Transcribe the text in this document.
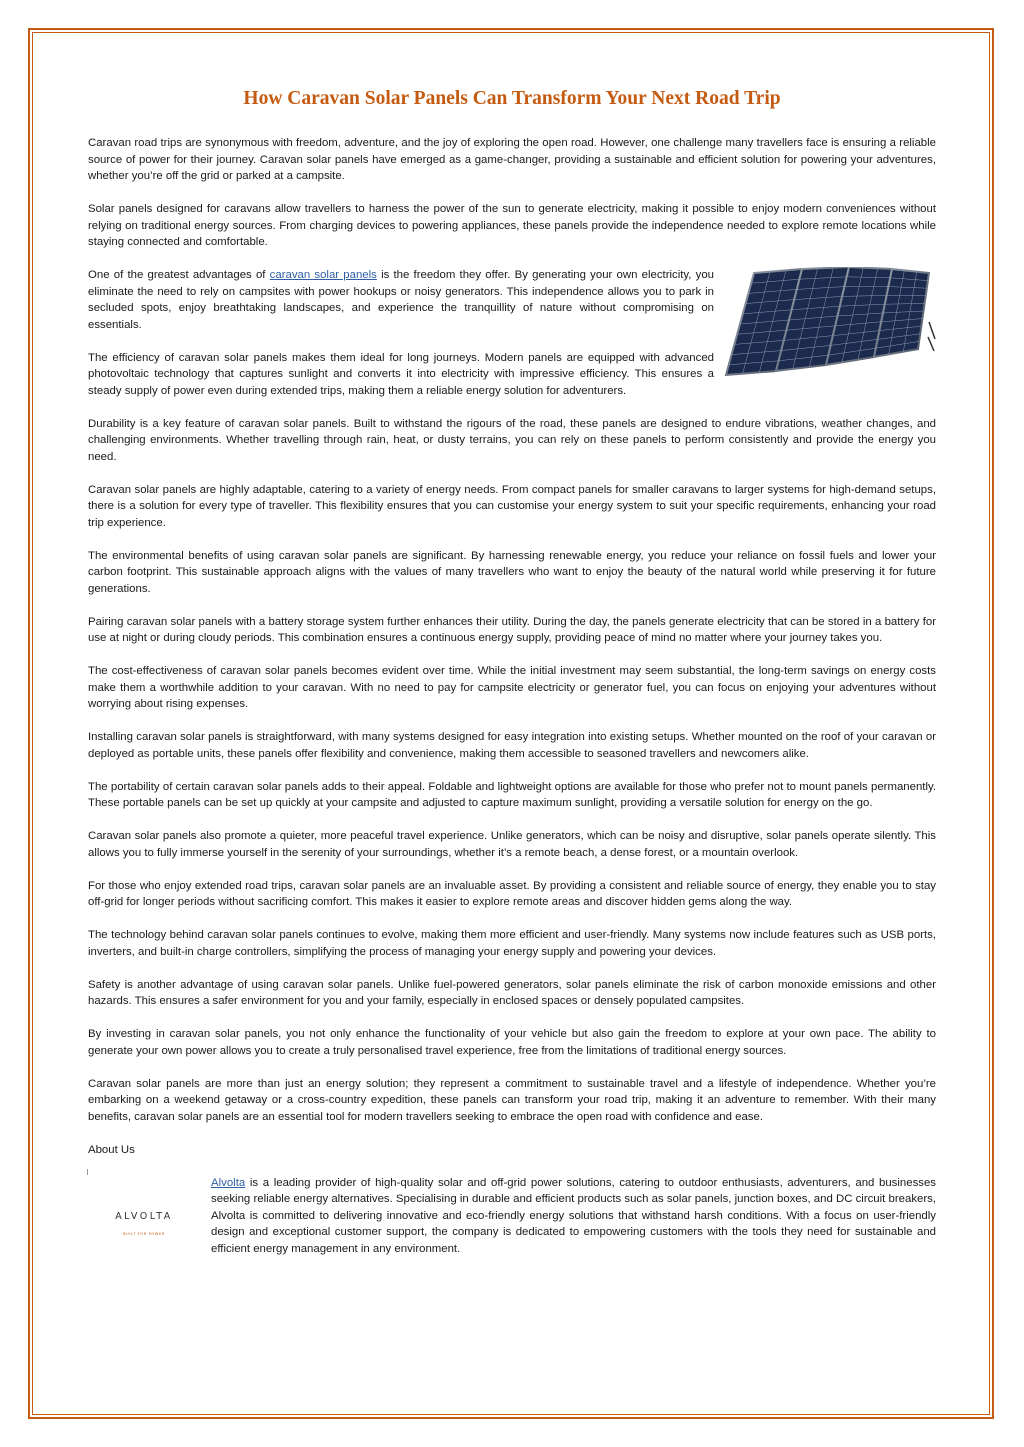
How Caravan Solar Panels Can Transform Your Next Road Trip

Caravan road trips are synonymous with freedom, adventure, and the joy of exploring the open road. However, one challenge many travellers face is ensuring a reliable source of power for their journey. Caravan solar panels have emerged as a game-changer, providing a sustainable and efficient solution for powering your adventures, whether you’re off the grid or parked at a campsite.

Solar panels designed for caravans allow travellers to harness the power of the sun to generate electricity, making it possible to enjoy modern conveniences without relying on traditional energy sources. From charging devices to powering appliances, these panels provide the independence needed to explore remote locations while staying connected and comfortable.

One of the greatest advantages of caravan solar panels is the freedom they offer. By generating your own electricity, you eliminate the need to rely on campsites with power hookups or noisy generators. This independence allows you to park in secluded spots, enjoy breathtaking landscapes, and experience the tranquillity of nature without compromising on essentials.

The efficiency of caravan solar panels makes them ideal for long journeys. Modern panels are equipped with advanced photovoltaic technology that captures sunlight and converts it into electricity with impressive efficiency. This ensures a steady supply of power even during extended trips, making them a reliable energy solution for adventurers.

Durability is a key feature of caravan solar panels. Built to withstand the rigours of the road, these panels are designed to endure vibrations, weather changes, and challenging environments. Whether travelling through rain, heat, or dusty terrains, you can rely on these panels to perform consistently and provide the energy you need.

Caravan solar panels are highly adaptable, catering to a variety of energy needs. From compact panels for smaller caravans to larger systems for high-demand setups, there is a solution for every type of traveller. This flexibility ensures that you can customise your energy system to suit your specific requirements, enhancing your road trip experience.

The environmental benefits of using caravan solar panels are significant. By harnessing renewable energy, you reduce your reliance on fossil fuels and lower your carbon footprint. This sustainable approach aligns with the values of many travellers who want to enjoy the beauty of the natural world while preserving it for future generations.

Pairing caravan solar panels with a battery storage system further enhances their utility. During the day, the panels generate electricity that can be stored in a battery for use at night or during cloudy periods. This combination ensures a continuous energy supply, providing peace of mind no matter where your journey takes you.

The cost-effectiveness of caravan solar panels becomes evident over time. While the initial investment may seem substantial, the long-term savings on energy costs make them a worthwhile addition to your caravan. With no need to pay for campsite electricity or generator fuel, you can focus on enjoying your adventures without worrying about rising expenses.

Installing caravan solar panels is straightforward, with many systems designed for easy integration into existing setups. Whether mounted on the roof of your caravan or deployed as portable units, these panels offer flexibility and convenience, making them accessible to seasoned travellers and newcomers alike.

The portability of certain caravan solar panels adds to their appeal. Foldable and lightweight options are available for those who prefer not to mount panels permanently. These portable panels can be set up quickly at your campsite and adjusted to capture maximum sunlight, providing a versatile solution for energy on the go.

Caravan solar panels also promote a quieter, more peaceful travel experience. Unlike generators, which can be noisy and disruptive, solar panels operate silently. This allows you to fully immerse yourself in the serenity of your surroundings, whether it’s a remote beach, a dense forest, or a mountain overlook.

For those who enjoy extended road trips, caravan solar panels are an invaluable asset. By providing a consistent and reliable source of energy, they enable you to stay off-grid for longer periods without sacrificing comfort. This makes it easier to explore remote areas and discover hidden gems along the way.

The technology behind caravan solar panels continues to evolve, making them more efficient and user-friendly. Many systems now include features such as USB ports, inverters, and built-in charge controllers, simplifying the process of managing your energy supply and powering your devices.

Safety is another advantage of using caravan solar panels. Unlike fuel-powered generators, solar panels eliminate the risk of carbon monoxide emissions and other hazards. This ensures a safer environment for you and your family, especially in enclosed spaces or densely populated campsites.

By investing in caravan solar panels, you not only enhance the functionality of your vehicle but also gain the freedom to explore at your own pace. The ability to generate your own power allows you to create a truly personalised travel experience, free from the limitations of traditional energy sources.

Caravan solar panels are more than just an energy solution; they represent a commitment to sustainable travel and a lifestyle of independence. Whether you’re embarking on a weekend getaway or a cross-country expedition, these panels can transform your road trip, making it an adventure to remember. With their many benefits, caravan solar panels are an essential tool for modern travellers seeking to embrace the open road with confidence and ease.

About Us

ALVOLTA
BUILT FOR POWER
Alvolta is a leading provider of high-quality solar and off-grid power solutions, catering to outdoor enthusiasts, adventurers, and businesses seeking reliable energy alternatives. Specialising in durable and efficient products such as solar panels, junction boxes, and DC circuit breakers, Alvolta is committed to delivering innovative and eco-friendly energy solutions that withstand harsh conditions. With a focus on user-friendly design and exceptional customer support, the company is dedicated to empowering customers with the tools they need for sustainable and efficient energy management in any environment.
